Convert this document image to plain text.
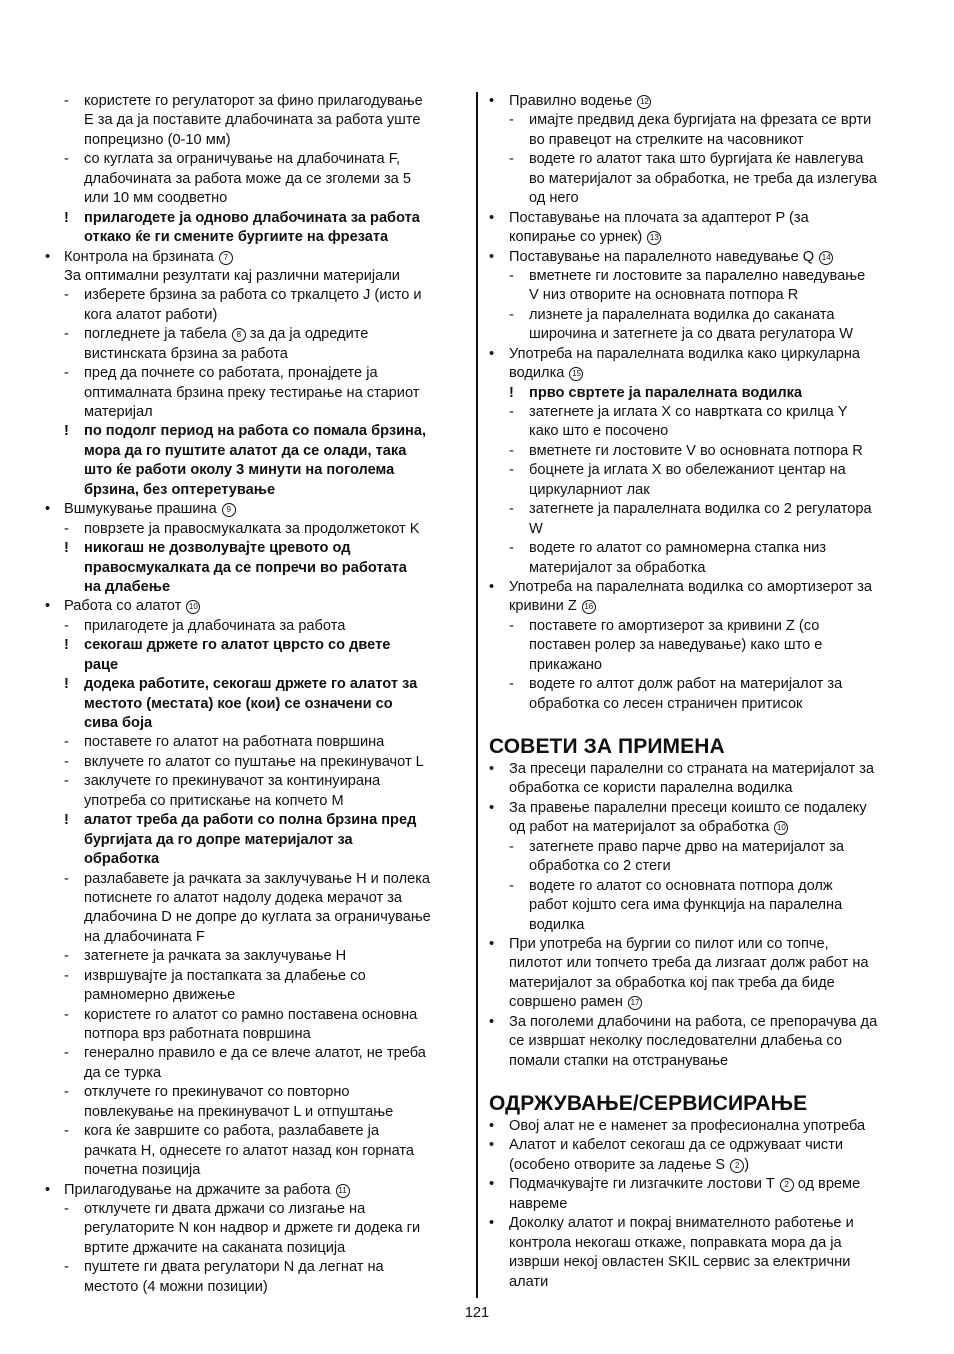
- користете го регулаторот за фино прилагодување
E за да ја поставите длабочината за работа уште
попрецизно (0-10 мм)
- со куглата за ограничување на длабочината F,
длабочината за работа може да се зголеми за 5
или 10 мм соодветно
! прилагодете ја одново длабочината за работа
откако ќе ги смените бургиите на фрезата
• Контрола на брзината 7
За оптимални резултати кај различни материјали
- изберете брзина за работа со тркалцето J (исто и
кога алатот работи)
- погледнете ја табела 8 за да ја одредите
вистинската брзина за работа
- пред да почнете со работата, пронајдете ја
оптималната брзина преку тестирање на стариот
материјал
! по подолг период на работа со помала брзина,
мора да го пуштите алатот да се олади, така
што ќе работи околу 3 минути на поголема
брзина, без оптеретување
• Вшмукување прашина 9
- поврзете ја правосмукалката за продолжетокот K
! никогаш не дозволувајте цревото од
правосмукалката да се попречи во работата
на длабење
• Работа со алатот 10
- прилагодете ја длабочината за работа
! секогаш држете го алатот цврсто со двете
раце
! додека работите, секогаш држете го алатот за
местото (местата) кое (кои) се означени со
сива боја
- поставете го алатот на работната површина
- вклучете го алатот со пуштање на прекинувачот L
- заклучете го прекинувачот за континуирана
употреба со притискање на копчето M
! алатот треба да работи со полна брзина пред
бургијата да го допре материјалот за
обработка
- разлабавете ја рачката за заклучување H и полека
потиснете го алатот надолу додека мерачот за
длабочина D не допре до куглата за ограничување
на длабочината F
- затегнете ја рачката за заклучување H
- извршувајте ја постапката за длабење со
рамномерно движење
- користете го алатот со рамно поставена основна
потпора врз работната површина
- генерално правило е да се влече алатот, не треба
да се турка
- отклучете го прекинувачот со повторно
повлекување на прекинувачот L и отпуштање
- кога ќе завршите со работа, разлабавете ја
рачката H, однесете го алатот назад кон горната
почетна позиција
• Прилагодување на држачите за работа 11
- отклучете ги двата држачи со лизгање на
регулаторите N кон надвор и држете ги додека ги
вртите држачите на саканата позиција
- пуштете ги двата регулатори N да легнат на
местото (4 можни позиции)
• Правилно водење 12
- имајте предвид дека бургијата на фрезата се врти
во правецот на стрелките на часовникот
- водете го алатот така што бургијата ќе навлегува
во материјалот за обработка, не треба да излегува
од него
• Поставување на плочата за адаптерот P (за
копирање со урнек) 13
• Поставување на паралелното наведување Q 14
- вметнете ги лостовите за паралелно наведување
V низ отворите на основната потпора R
- лизнете ја паралелната водилка до саканата
широчина и затегнете ја со двата регулатора W
• Употреба на паралелната водилка како циркуларна
водилка 15
! прво свртете ја паралелната водилка
- затегнете ја иглата X со навртката со крилца Y
како што е посочено
- вметнете ги лостовите V во основната потпора R
- боцнете ја иглата X во обележаниот центар на
циркуларниот лак
- затегнете ја паралелната водилка со 2 регулатора
W
- водете го алатот со рамномерна стапка низ
материјалот за обработка
• Употреба на паралелната водилка со амортизерот за
кривини Z 16
- поставете го амортизерот за кривини Z (со
поставен ролер за наведување) како што е
прикажано
- водете го алтот долж работ на материјалот за
обработка со лесен страничен притисок
СОВЕТИ ЗА ПРИМЕНА
• За пресеци паралелни со страната на материјалот за
обработка се користи паралелна водилка
• За правење паралелни пресеци коишто се подалеку
од работ на материјалот за обработка 10
- затегнете право парче дрво на материјалот за
обработка со 2 стеги
- водете го алатот со основната потпора долж
работ којшто сега има функција на паралелна
водилка
• При употреба на бургии со пилот или со топче,
пилотот или топчето треба да лизгаат долж работ на
материјалот за обработка кој пак треба да биде
совршено рамен 17
• За поголеми длабочини на работа, се препорачува да
се извршат неколку последователни длабења со
помали стапки на отстранување
ОДРЖУВАЊЕ/СЕРВИСИРАЊЕ
• Овој алат не е наменет за професионална употреба
• Алатот и кабелот секогаш да се одржуваат чисти
(особено отворите за ладење S 2 )
• Подмачкувајте ги лизгачките лостови T 2 од време
навреме
• Доколку алатот и покрај внимателното работење и
контрола некогаш откаже, поправката мора да ја
изврши некој овластен SKIL сервис за електрични
алати
121
